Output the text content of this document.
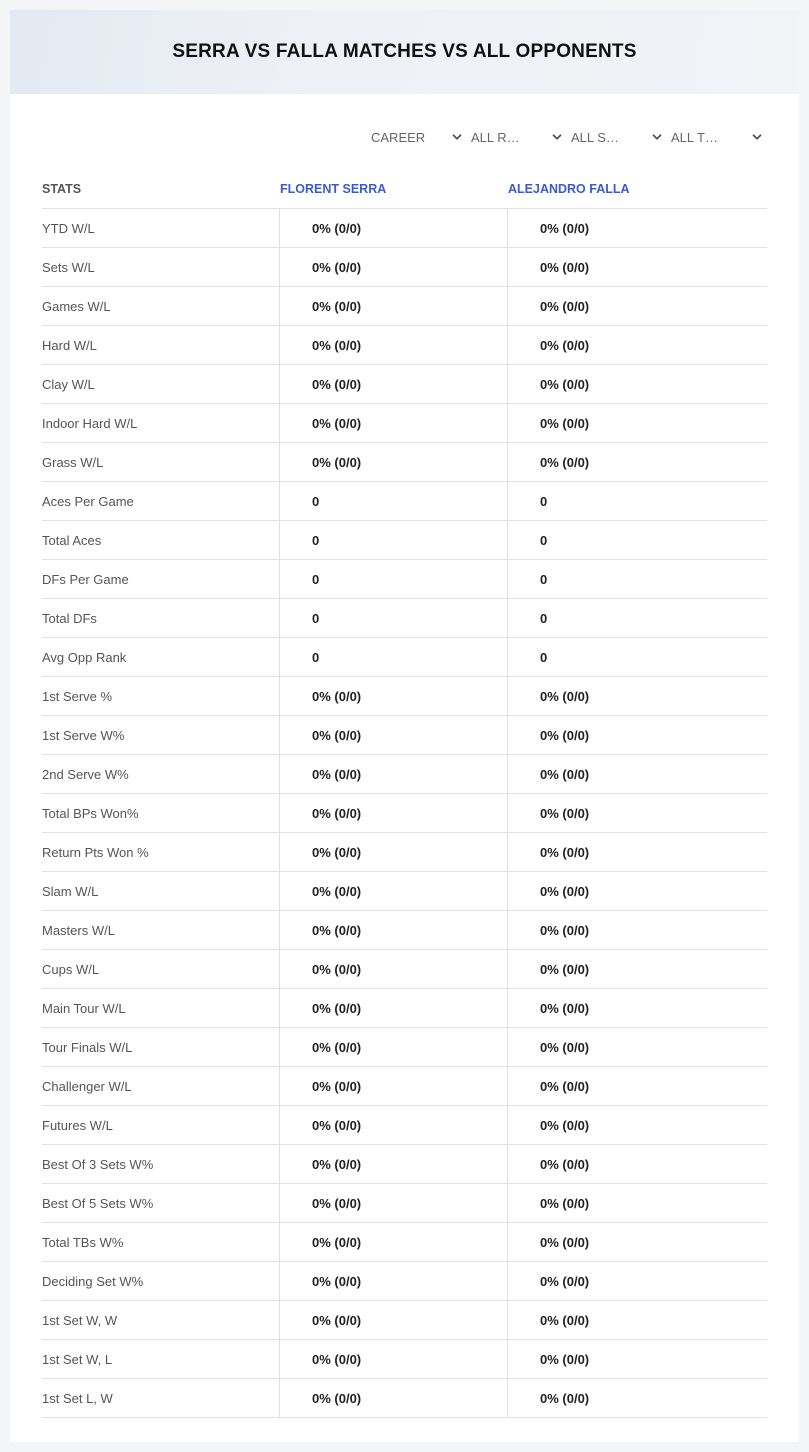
SERRA VS FALLA MATCHES VS ALL OPPONENTS
CAREER	ALL R…	ALL S…	ALL T…
STATS	FLORENT SERRA	ALEJANDRO FALLA
YTD W/L	0% (0/0)	0% (0/0)
Sets W/L	0% (0/0)	0% (0/0)
Games W/L	0% (0/0)	0% (0/0)
Hard W/L	0% (0/0)	0% (0/0)
Clay W/L	0% (0/0)	0% (0/0)
Indoor Hard W/L	0% (0/0)	0% (0/0)
Grass W/L	0% (0/0)	0% (0/0)
Aces Per Game	0	0
Total Aces	0	0
DFs Per Game	0	0
Total DFs	0	0
Avg Opp Rank	0	0
1st Serve %	0% (0/0)	0% (0/0)
1st Serve W%	0% (0/0)	0% (0/0)
2nd Serve W%	0% (0/0)	0% (0/0)
Total BPs Won%	0% (0/0)	0% (0/0)
Return Pts Won %	0% (0/0)	0% (0/0)
Slam W/L	0% (0/0)	0% (0/0)
Masters W/L	0% (0/0)	0% (0/0)
Cups W/L	0% (0/0)	0% (0/0)
Main Tour W/L	0% (0/0)	0% (0/0)
Tour Finals W/L	0% (0/0)	0% (0/0)
Challenger W/L	0% (0/0)	0% (0/0)
Futures W/L	0% (0/0)	0% (0/0)
Best Of 3 Sets W%	0% (0/0)	0% (0/0)
Best Of 5 Sets W%	0% (0/0)	0% (0/0)
Total TBs W%	0% (0/0)	0% (0/0)
Deciding Set W%	0% (0/0)	0% (0/0)
1st Set W, W	0% (0/0)	0% (0/0)
1st Set W, L	0% (0/0)	0% (0/0)
1st Set L, W	0% (0/0)	0% (0/0)
